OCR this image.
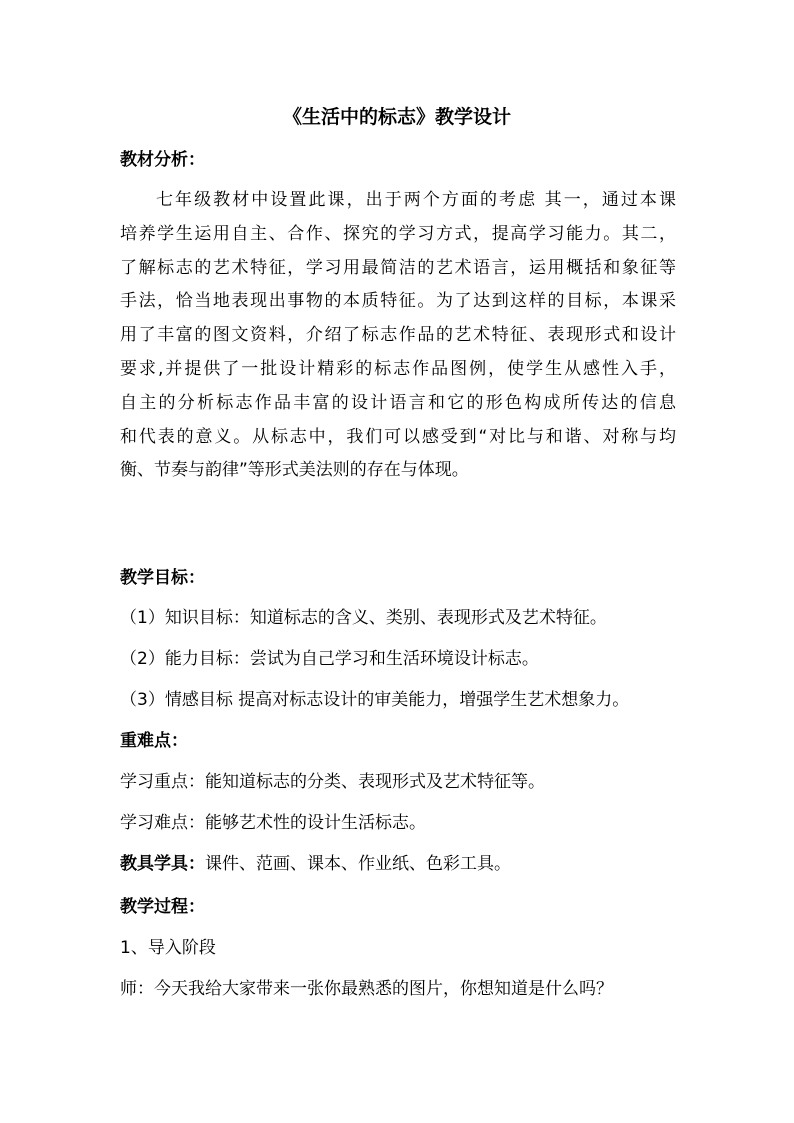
《生活中的标志》教学设计
教材分析：
七年级教材中设置此课，出于两个方面的考虑 其一，通过本课
培养学生运用自主、合作、探究的学习方式，提高学习能力。其二，
了解标志的艺术特征，学习用最简洁的艺术语言，运用概括和象征等
手法，恰当地表现出事物的本质特征。为了达到这样的目标，本课采
用了丰富的图文资料，介绍了标志作品的艺术特征、表现形式和设计
要求,并提供了一批设计精彩的标志作品图例，使学生从感性入手，
自主的分析标志作品丰富的设计语言和它的形色构成所传达的信息
和代表的意义。从标志中，我们可以感受到“对比与和谐、对称与均
衡、节奏与韵律”等形式美法则的存在与体现。
教学目标：
（1）知识目标：知道标志的含义、类别、表现形式及艺术特征。
（2）能力目标：尝试为自己学习和生活环境设计标志。
（3）情感目标 提高对标志设计的审美能力，增强学生艺术想象力。
重难点：
学习重点：能知道标志的分类、表现形式及艺术特征等。
学习难点：能够艺术性的设计生活标志。
教具学具：课件、范画、课本、作业纸、色彩工具。
教学过程：
1、导入阶段
师：今天我给大家带来一张你最熟悉的图片，你想知道是什么吗？
